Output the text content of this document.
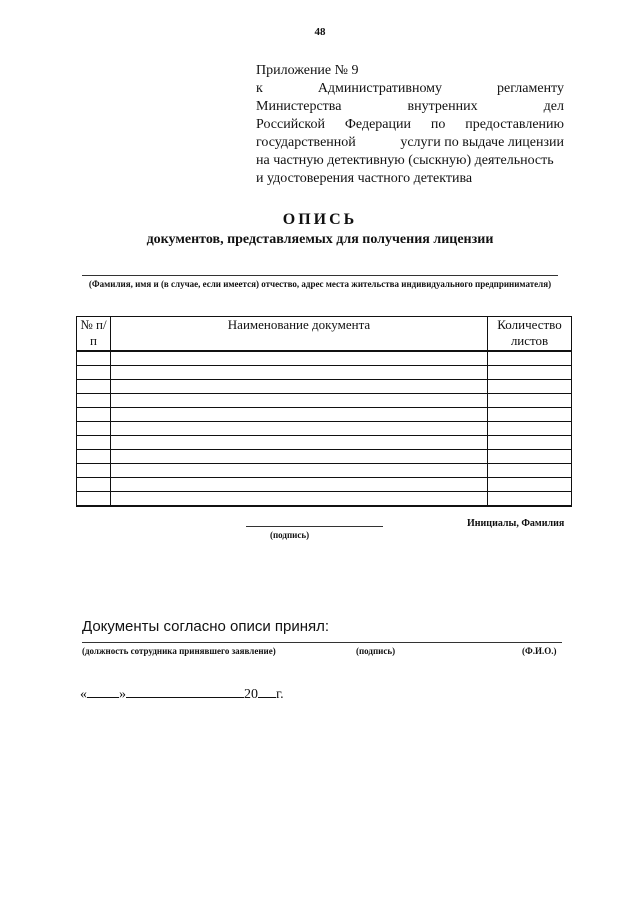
48
Приложение № 9
к	Административному	регламенту
Министерства	внутренних	дел
Российской Федерации по предоставлению
государственной	услуги по выдаче лицензии
на частную детективную (сыскную) деятельность
и удостоверения частного детектива
ОПИСЬ
документов, представляемых для получения лицензии
(Фамилия, имя и (в случае, если имеется) отчество, адрес места жительства индивидуального предпринимателя)
№ п/п	Наименование документа	Количество листов

Инициалы, Фамилия
(подпись)
Документы согласно описи принял:
(должность сотрудника принявшего заявление)	(подпись)	(Ф.И.О.)
« »	20 г.
